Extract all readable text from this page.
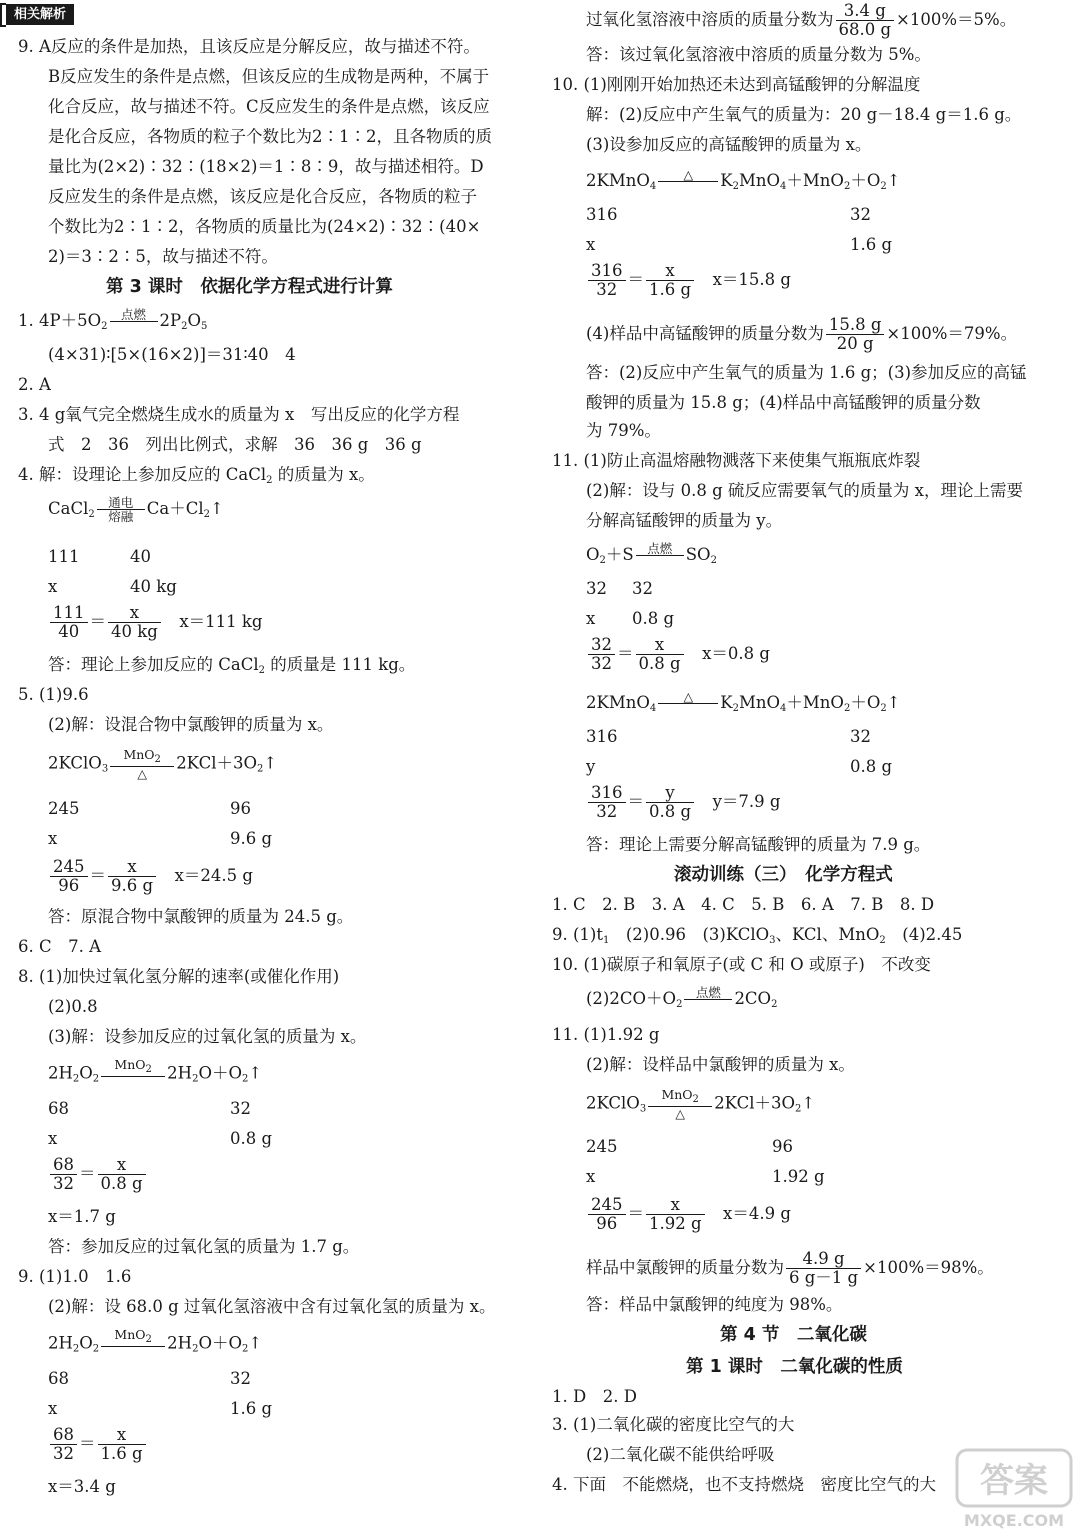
相关解析
9. A反应的条件是加热，且该反应是分解反应，故与描述不符。
B反应发生的条件是点燃，但该反应的生成物是两种，不属于
化合反应，故与描述不符。C反应发生的条件是点燃，该反应
是化合反应，各物质的粒子个数比为2∶1∶2，且各物质的质
量比为(2×2)∶32∶(18×2)＝1∶8∶9，故与描述相符。D
反应发生的条件是点燃，该反应是化合反应，各物质的粒子
个数比为2∶1∶2，各物质的质量比为(24×2)∶32∶(40×
2)＝3∶2∶5，故与描述不符。
第 3 课时　依据化学方程式进行计算
1. $4P+5O_2$
点燃 $2P_2O_5$
(4×31)∶[5×(16×2)]＝31∶40　4
2. A
3. 4 g氧气完全燃烧生成水的质量为 x　写出反应的化学方程
式　2　36　列出比例式，求解　36　36 g　36 g
4. 解：设理论上参加反应的 CaCl$_2$ 的质量为 x。
CaCl$_2$
通电
熔融 $Ca+Cl_2↑$
111	40
x	40 kg
$\frac{111}{40} = \frac{x}{40 kg}$
　 x＝111 kg
答：理论上参加反应的 CaCl$_2$ 的质量是 111 kg。
5. (1)9.6
(2)解：设混合物中氯酸钾的质量为 x。
2KClO$_3$
MnO$_2$
△
$2KCl+3O_2↑$
245	96
x	9.6 g
$\frac{245}{96} = \frac{x}{9.6 g}$
　 x＝24.5 g
答：原混合物中氯酸钾的质量为 24.5 g。
6. C　7. A
8. (1)加快过氧化氢分解的速率(或催化作用)
(2)0.8
(3)解：设参加反应的过氧化氢的质量为 x。
$2H_2O_2$
MnO$_2$ $2H_2O+O_2↑$
68	32
x	0.8 g
$\frac{68}{32} = \frac{x}{0.8 g}$
x＝1.7 g
答：参加反应的过氧化氢的质量为 1.7 g。
9. (1)1.0　1.6
(2)解：设 68.0 g 过氧化氢溶液中含有过氧化氢的质量为 x。
$2H_2O_2$
MnO$_2$ $2H_2O+O_2↑$
68	32
x	1.6 g
$\frac{68}{32} = \frac{x}{1.6 g}$
x＝3.4 g
过氧化氢溶液中溶质的质量分数为 $\frac{3.4 g}{68.0 g} \times 100\%=5\%$。
答：该过氧化氢溶液中溶质的质量分数为 5%。
10. (1)刚刚开始加热还未达到高锰酸钾的分解温度
解：(2)反应中产生氧气的质量为：20 g－18.4 g＝1.6 g。
(3)设参加反应的高锰酸钾的质量为 x。
2KMnO$_4$
△	$K_2MnO_4+MnO_2+O_2↑$
316	32
x	1.6 g
$\frac{316}{32} = \frac{x}{1.6 g}$
　 x＝15.8 g
(4)样品中高锰酸钾的质量分数为 $\frac{15.8 g}{20 g} \times 100\%=79\%$。
答：(2)反应中产生氧气的质量为 1.6 g；(3)参加反应的高锰
酸钾的质量为 15.8 g；(4)样品中高锰酸钾的质量分数
为 79%。
11. (1)防止高温熔融物溅落下来使集气瓶瓶底炸裂
(2)解：设与 0.8 g 硫反应需要氧气的质量为 x，理论上需要
分解高锰酸钾的质量为 y。
$O_2+S$	点燃 $SO_2$
32 32
x 0.8 g
$\frac{32}{32} = \frac{x}{0.8 g}$
　 x＝0.8 g
2KMnO$_4$
△	$K_2MnO_4+MnO_2+O_2↑$
316	32
y	0.8 g
$\frac{316}{32} = \frac{y}{0.8 g}$
　 y＝7.9 g
答：理论上需要分解高锰酸钾的质量为 7.9 g。
滚动训练（三）　化学方程式
1. C　2. B　3. A　4. C　5. B　6. A　7. B　8. D
9. $(1)t_1$　(2)0.96　(3)KClO$_3$、KCl、MnO$_2$　(4)2.45
10. (1)碳原子和氧原子(或 C 和 O 或原子)　不改变
$(2)2CO+O_2$
点燃 $2CO_2$
11. (1)1.92 g
(2)解：设样品中氯酸钾的质量为 x。
2KClO$_3$
MnO$_2$
△
$2KCl+3O_2↑$
245	96
x	1.92 g
$\frac{245}{96} = \frac{x}{1.92 g}$
　 x＝4.9 g
样品中氯酸钾的质量分数为 $\frac{4.9 g}{6 g-1 g} \times 100\%=98\%$。
答：样品中氯酸钾的纯度为 98%。
第 4 节　二氧化碳
第 1 课时　二氧化碳的性质
1. D　2. D
3. (1)二氧化碳的密度比空气的大
(2)二氧化碳不能供给呼吸
4. 下面　不能燃烧，也不支持燃烧　密度比空气的大 答案
MXQE.COM
